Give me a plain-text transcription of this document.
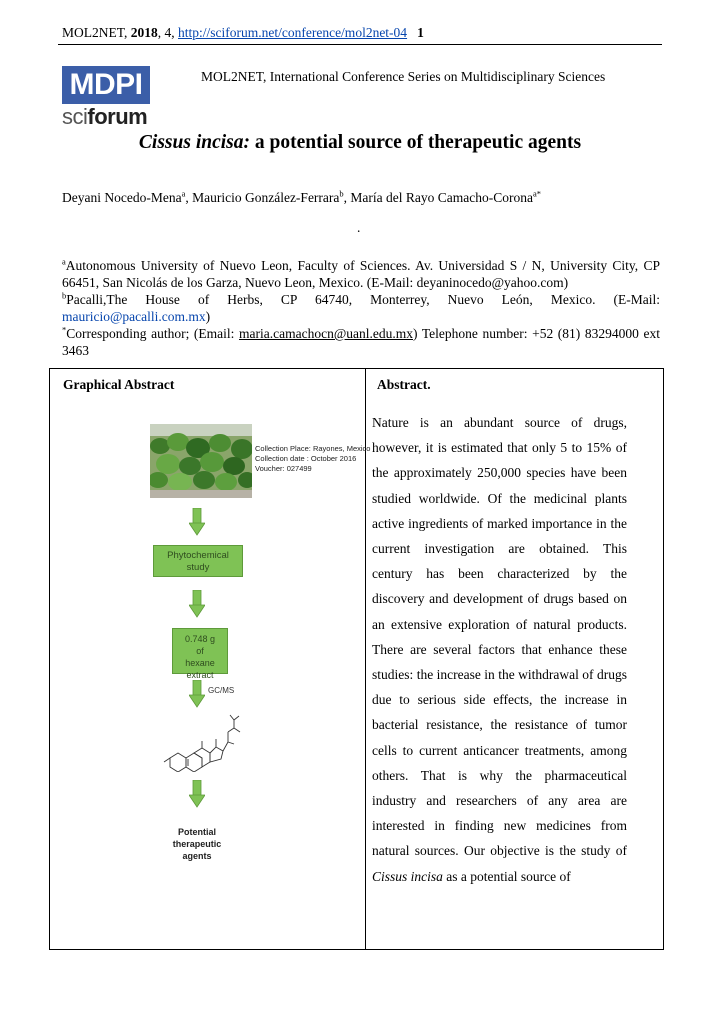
MOL2NET, 2018, 4, http://sciforum.net/conference/mol2net-04 1
MDPI
sciforum
MOL2NET, International Conference Series on Multidisciplinary Sciences
Cissus incisa: a potential source of therapeutic agents
Deyani Nocedo-Mena$^a$, Mauricio González-Ferrara$^b$, María del Rayo Camacho-Corona$^{a*}$
.

$^a$Autonomous University of Nuevo Leon, Faculty of Sciences. Av. Universidad S / N, University City, CP 66451, San Nicolás de los Garza, Nuevo Leon, Mexico. (E-Mail: deyaninocedo@yahoo.com)

$^b$Pacalli,The House of Herbs, CP 64740, Monterrey, Nuevo León, Mexico. (E-Mail: mauricio@pacalli.com.mx)

*Corresponding author; (Email: maria.camachocn@uanl.edu.mx) Telephone number: +52 (81) 83294000 ext 3463

Graphical Abstract	Abstract.
Collection Place: Rayones, Mexico
Collection date : October 2016
Voucher: 027499
Phytochemical
study
0.748 g
of
hexane extract
GC/MS
Potential
therapeutic
agents
Nature is an abundant source of drugs, however, it is estimated that only 5 to 15% of the approximately 250,000 species have been studied worldwide. Of the medicinal plants active ingredients of marked importance in the current investigation are obtained. This century has been characterized by the discovery and development of drugs based on an extensive exploration of natural products. There are several factors that enhance these studies: the increase in the withdrawal of drugs due to serious side effects, the increase in bacterial resistance, the resistance of tumor cells to current anticancer treatments, among others. That is why the pharmaceutical industry and researchers of any area are interested in finding new medicines from natural sources. Our objective is the study of Cissus incisa as a potential source of
